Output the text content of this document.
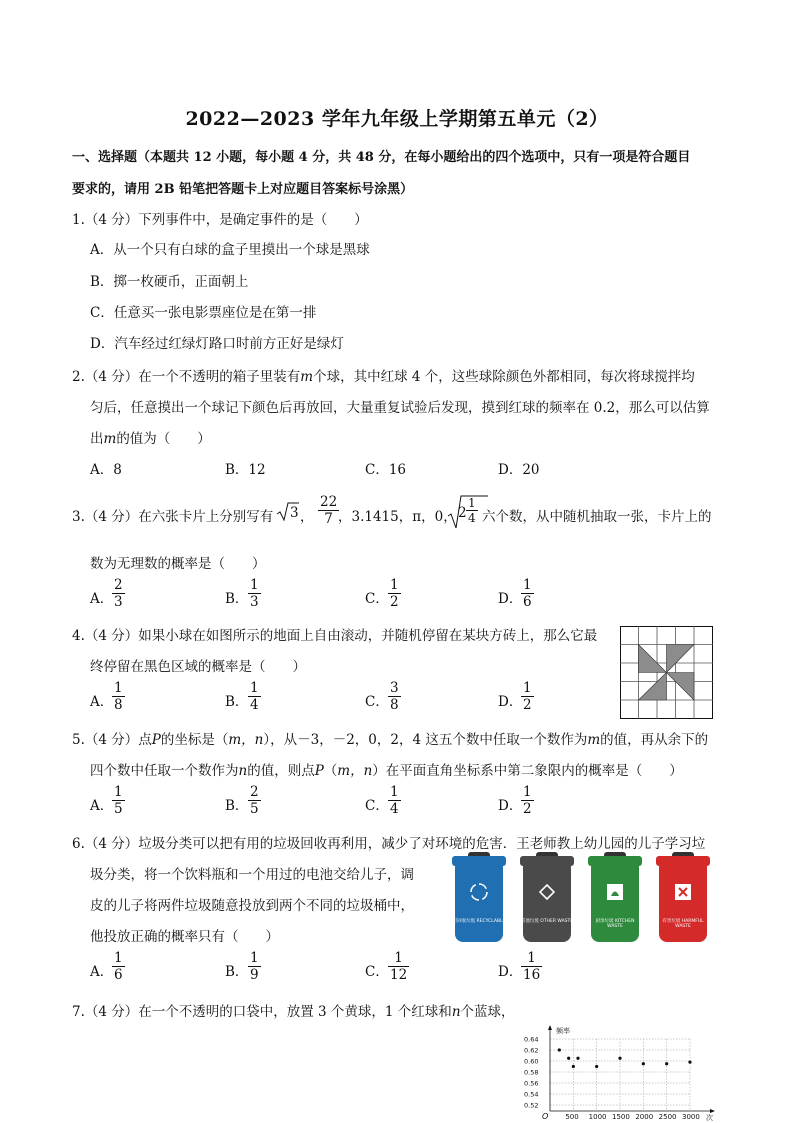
2022—2023 学年九年级上学期第五单元（2）
一、选择题（本题共 12 小题，每小题 4 分，共 48 分，在每小题给出的四个选项中，只有一项是符合题目
要求的，请用 2B 铅笔把答题卡上对应题目答案标号涂黑）
1.（4 分）下列事件中，是确定事件的是（　　）
A．从一个只有白球的盒子里摸出一个球是黑球
B．掷一枚硬币，正面朝上
C．任意买一张电影票座位是在第一排
D．汽车经过红绿灯路口时前方正好是绿灯
2.（4 分）在一个不透明的箱子里装有m个球，其中红球 4 个，这些球除颜色外都相同，每次将球搅拌均
匀后，任意摸出一个球记下颜色后再放回，大量重复试验后发现，摸到红球的频率在 0.2，那么可以估算
出m的值为（　　）
A．8	B．12	C．16	D．20
3.（4 分）在六张卡片上分别写有 3 ， $\frac{22}{7}$
，3.1415，π，0， $2 \frac{1}{4}$ 六个数，从中随机抽取一张，卡片上的
数为无理数的概率是（　　）
A．
$\frac{2}{3}$	B． $\frac{1}{3}$	C． $\frac{1}{2}$	D．
$\frac{1}{6}$
4.（4 分）如果小球在如图所示的地面上自由滚动，并随机停留在某块方砖上，那么它最
终停留在黑色区域的概率是（　　）
A．
$\frac{1}{8}$	B． $\frac{1}{4}$	C． $\frac{3}{8}$	D．
$\frac{1}{2}$
5.（4 分）点P的坐标是（m，n），从－3，－2，0，2，4 这五个数中任取一个数作为m的值，再从余下的
四个数中任取一个数作为n的值，则点P（m，n）在平面直角坐标系中第二象限内的概率是（　　）
A．
$\frac{1}{5}$	B． $\frac{2}{5}$	C． $\frac{1}{4}$	D．
$\frac{1}{2}$
6.（4 分）垃圾分类可以把有用的垃圾回收再利用，减少了对环境的危害．王老师教上幼儿园的儿子学习垃
圾分类，将一个饮料瓶和一个用过的电池交给儿子，调
皮的儿子将两件垃圾随意投放到两个不同的垃圾桶中，
他投放正确的概率只有（　　）
可回收垃圾 RECYCLABLE	其他垃圾 OTHER WASTE	厨余垃圾 KITCHEN WASTE
有害垃圾 HARMFUL WASTE
A．
$\frac{1}{6}$	B． $\frac{1}{9}$	C． $\frac{1}{12}$	D．
$\frac{1}{16}$
7.（4 分）在一个不透明的口袋中，放置 3 个黄球，1 个红球和n个蓝球，
频率
次
O
0.52
0.54
0.56
0.58
0.60
0.62
0.64
500 1000 1500 2000 2500 3000
